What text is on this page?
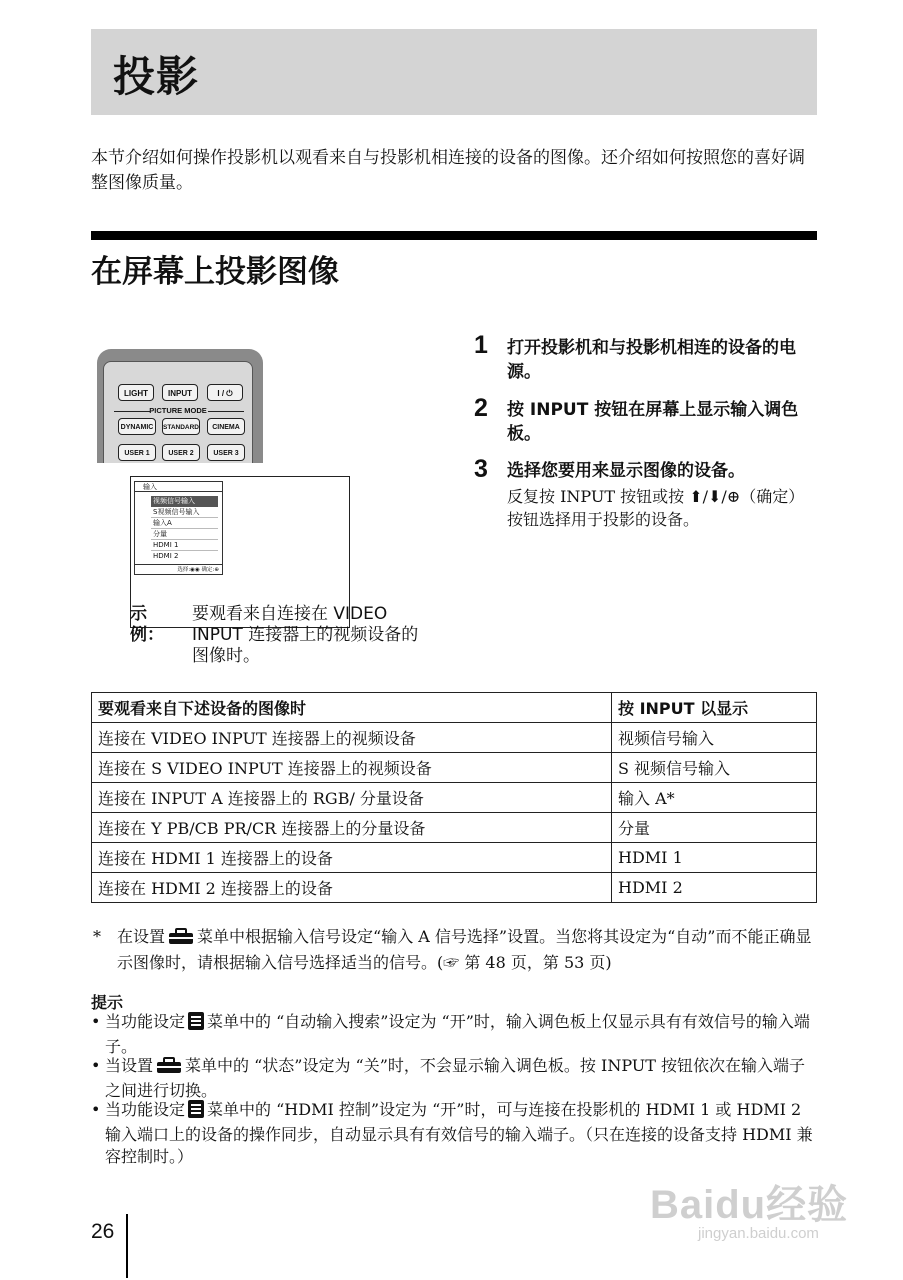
投影
本节介绍如何操作投影机以观看来自与投影机相连接的设备的图像。还介绍如何按照您的喜好调整图像质量。
在屏幕上投影图像
LIGHT	INPUT	I / ⏻
PICTURE MODE
DYNAMIC	STANDARD	CINEMA
USER 1	USER 2	USER 3
输入
视频信号输入
S视频信号输入
输入A
分量
HDMI 1
HDMI 2
选择:◉◉ 确定:⊕
示例：
要观看来自连接在 VIDEO INPUT 连接器上的视频设备的图像时。
1 打开投影机和与投影机相连的设备的电源。
2 按 INPUT 按钮在屏幕上显示输入调色板。
3 选择您要用来显示图像的设备。
反复按 INPUT 按钮或按 ⬆/⬇/⊕（确定）按钮选择用于投影的设备。
要观看来自下述设备的图像时	按 INPUT 以显示
连接在 VIDEO INPUT 连接器上的视频设备	视频信号输入
连接在 S VIDEO INPUT 连接器上的视频设备	S 视频信号输入
连接在 INPUT A 连接器上的 RGB/ 分量设备	输入 A*
连接在 Y PB/CB PR/CR 连接器上的分量设备	分量
连接在 HDMI 1 连接器上的设备	HDMI 1
连接在 HDMI 2 连接器上的设备	HDMI 2
* 在设置 菜单中根据输入信号设定“输入 A 信号选择”设置。当您将其设定为“自动”而不能正确显示图像时，请根据输入信号选择适当的信号。(☞ 第 48 页，第 53 页)
提示
• 当功能设定 菜单中的 “自动输入搜索”设定为 “开”时，输入调色板上仅显示具有有效信号的输入端子。
• 当设置 菜单中的 “状态”设定为 “关”时，不会显示输入调色板。按 INPUT 按钮依次在输入端子之间进行切换。
• 当功能设定 菜单中的 “HDMI 控制”设定为 “开”时，可与连接在投影机的 HDMI 1 或 HDMI 2 输入端口上的设备的操作同步，自动显示具有有效信号的输入端子。（只在连接的设备支持 HDMI 兼容控制时。）
26
Baidu经验
jingyan.baidu.com
